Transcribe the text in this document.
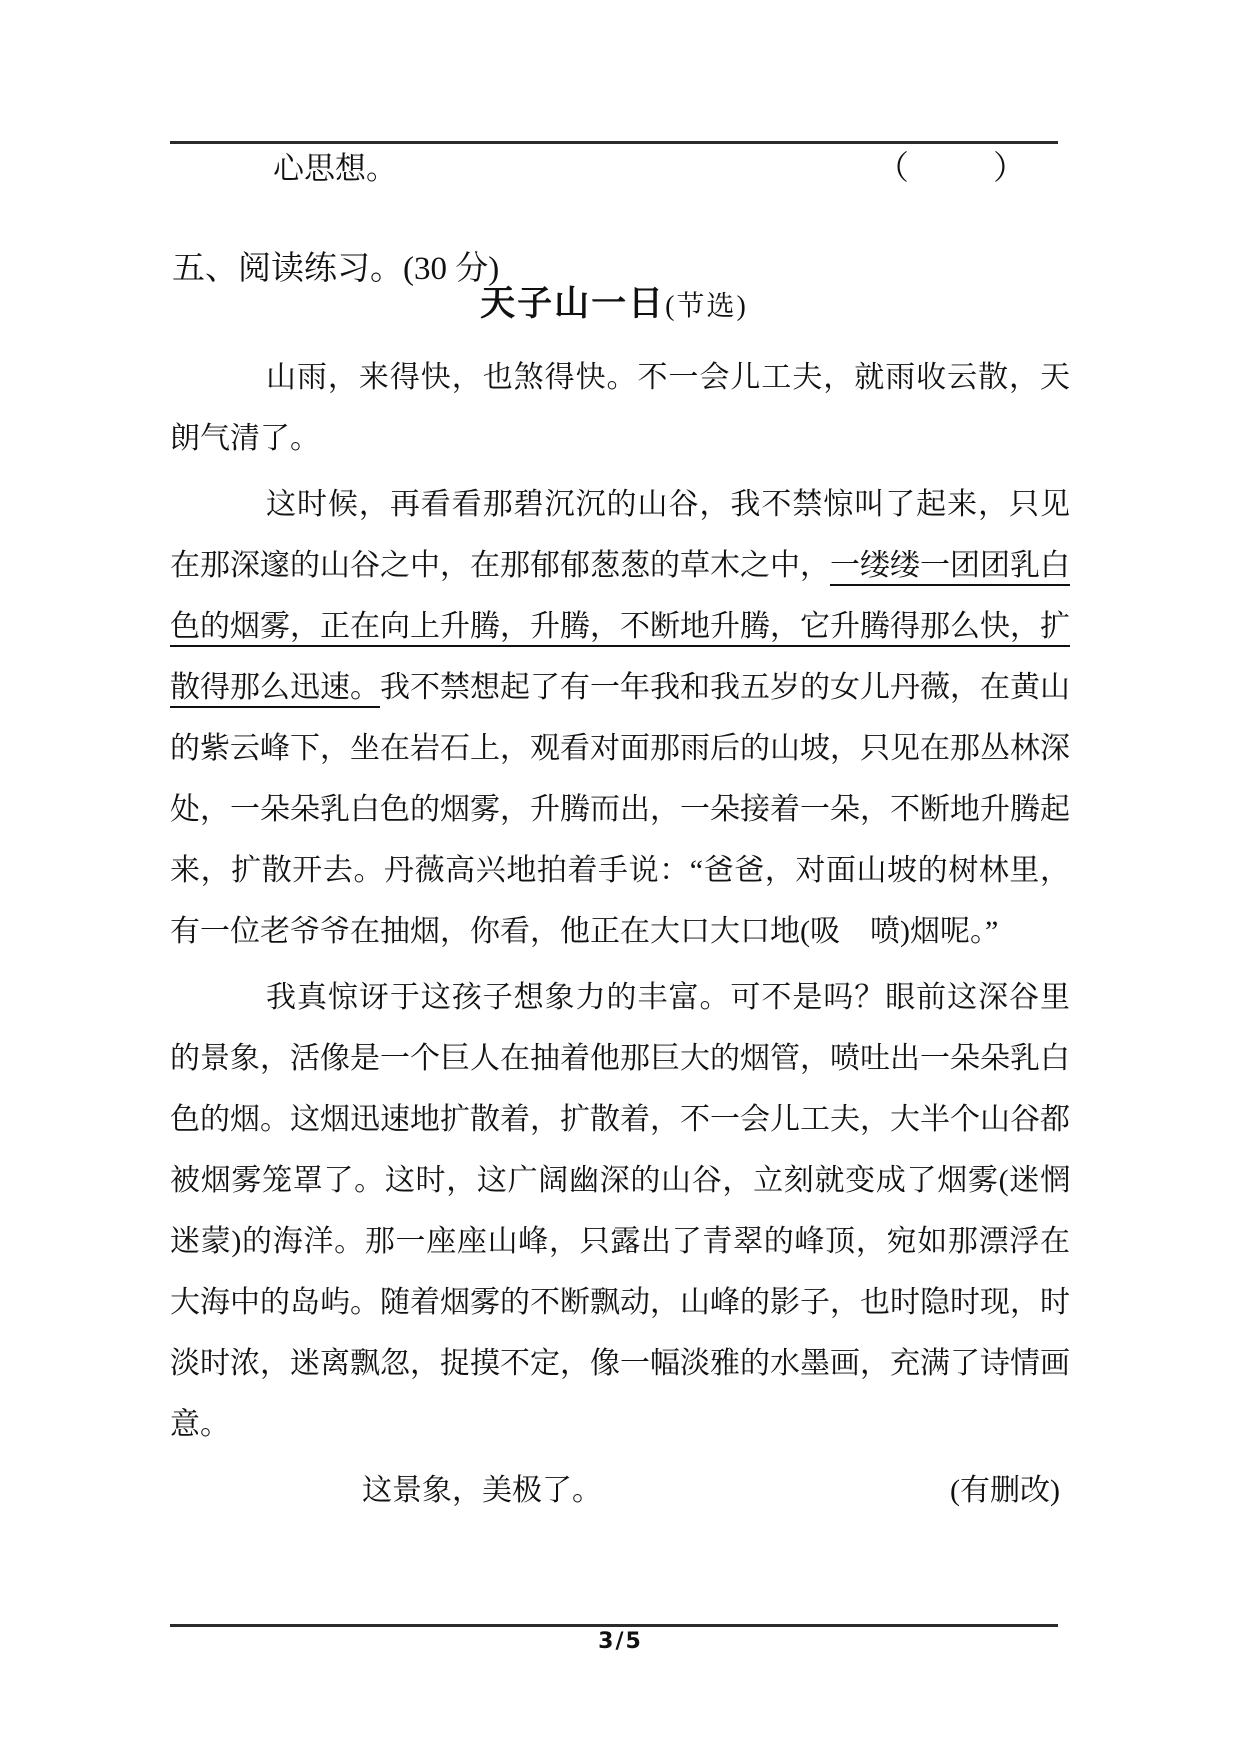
心思想。	（　　）
五、阅读练习。(30 分)
天子山一日(节选)

山雨，来得快，也煞得快。不一会儿工夫，就雨收云散，天朗气清了。

这时候，再看看那碧沉沉的山谷，我不禁惊叫了起来，只见在那深邃的山谷之中，在那郁郁葱葱的草木之中，一缕缕一团团乳白色的烟雾，正在向上升腾，升腾，不断地升腾，它升腾得那么快，扩散得那么迅速。我不禁想起了有一年我和我五岁的女儿丹薇，在黄山的紫云峰下，坐在岩石上，观看对面那雨后的山坡，只见在那丛林深处，一朵朵乳白色的烟雾，升腾而出，一朵接着一朵，不断地升腾起来，扩散开去。丹薇高兴地拍着手说：“爸爸，对面山坡的树林里，有一位老爷爷在抽烟，你看，他正在大口大口地(吸　喷)烟呢。”

我真惊讶于这孩子想象力的丰富。可不是吗？眼前这深谷里的景象，活像是一个巨人在抽着他那巨大的烟管，喷吐出一朵朵乳白色的烟。这烟迅速地扩散着，扩散着，不一会儿工夫，大半个山谷都被烟雾笼罩了。这时，这广阔幽深的山谷，立刻就变成了烟雾(迷惘　迷蒙)的海洋。那一座座山峰，只露出了青翠的峰顶，宛如那漂浮在大海中的岛屿。随着烟雾的不断飘动，山峰的影子，也时隐时现，时淡时浓，迷离飘忽，捉摸不定，像一幅淡雅的水墨画，充满了诗情画意。

这景象，美极了。	(有删改)

3/5
